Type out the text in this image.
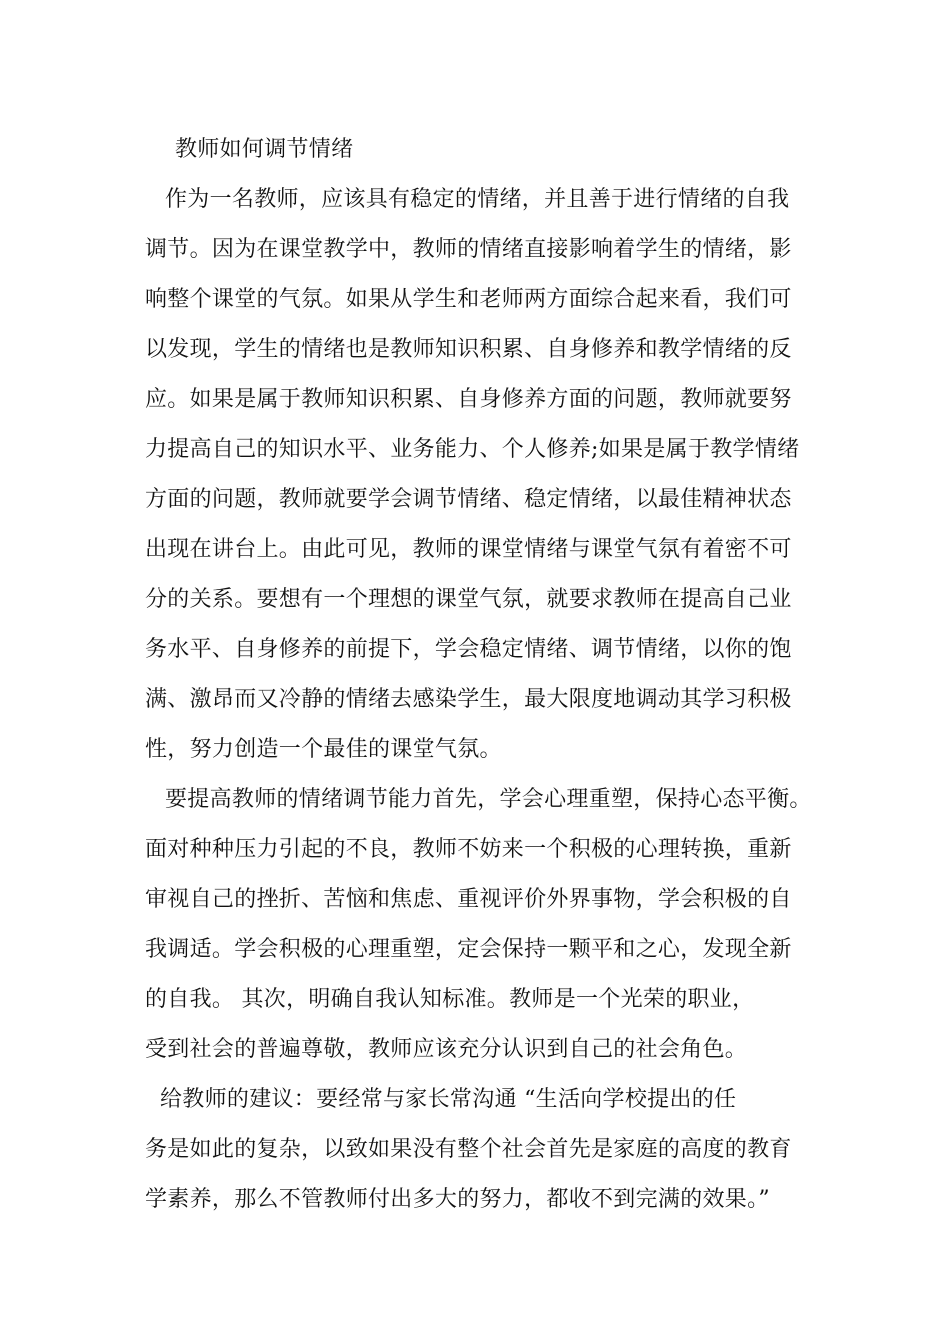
教师如何调节情绪
作为一名教师，应该具有稳定的情绪，并且善于进行情绪的自我
调节。因为在课堂教学中，教师的情绪直接影响着学生的情绪，影
响整个课堂的气氛。如果从学生和老师两方面综合起来看，我们可
以发现，学生的情绪也是教师知识积累、自身修养和教学情绪的反
应。如果是属于教师知识积累、自身修养方面的问题，教师就要努
力提高自己的知识水平、业务能力、个人修养;如果是属于教学情绪
方面的问题，教师就要学会调节情绪、稳定情绪，以最佳精神状态
出现在讲台上。由此可见，教师的课堂情绪与课堂气氛有着密不可
分的关系。要想有一个理想的课堂气氛，就要求教师在提高自己业
务水平、自身修养的前提下，学会稳定情绪、调节情绪，以你的饱
满、激昂而又冷静的情绪去感染学生，最大限度地调动其学习积极
性，努力创造一个最佳的课堂气氛。
要提高教师的情绪调节能力首先，学会心理重塑，保持心态平衡。
面对种种压力引起的不良，教师不妨来一个积极的心理转换，重新
审视自己的挫折、苦恼和焦虑、重视评价外界事物，学会积极的自
我调适。学会积极的心理重塑，定会保持一颗平和之心，发现全新
的自我。 其次，明确自我认知标准。教师是一个光荣的职业，
受到社会的普遍尊敬，教师应该充分认识到自己的社会角色。
给教师的建议：要经常与家长常沟通 “生活向学校提出的任
务是如此的复杂，以致如果没有整个社会首先是家庭的高度的教育
学素养，那么不管教师付出多大的努力，都收不到完满的效果。”
